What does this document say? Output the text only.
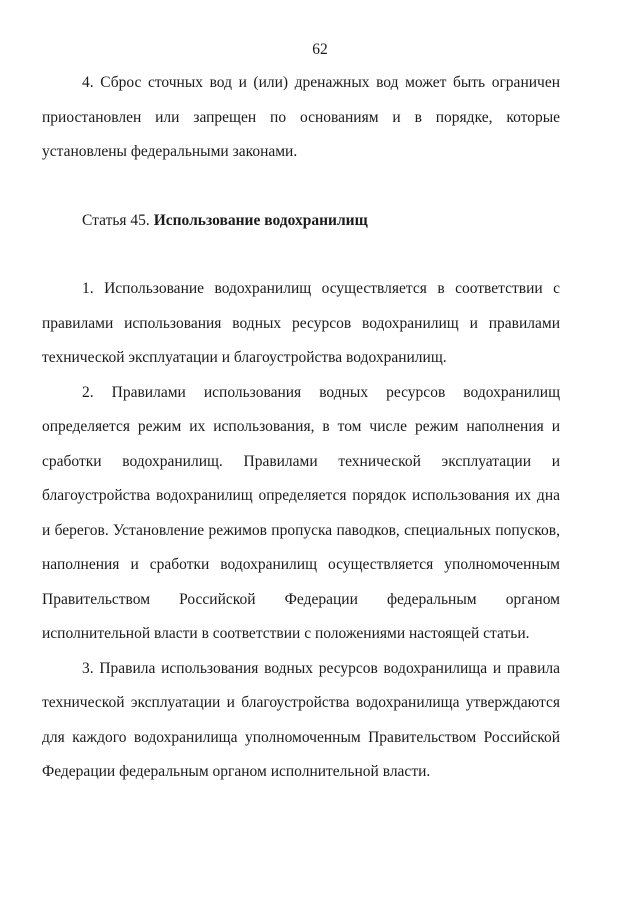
62

4. Сброс сточных вод и (или) дренажных вод может быть ограничен приостановлен или запрещен по основаниям и в порядке, которые установлены федеральными законами.

Статья 45. Использование водохранилищ

1. Использование водохранилищ осуществляется в соответствии с правилами использования водных ресурсов водохранилищ и правилами технической эксплуатации и благоустройства водохранилищ.

2. Правилами использования водных ресурсов водохранилищ определяется режим их использования, в том числе режим наполнения и сработки водохранилищ. Правилами технической эксплуатации и благоустройства водохранилищ определяется порядок использования их дна и берегов. Установление режимов пропуска паводков, специальных попусков, наполнения и сработки водохранилищ осуществляется уполномоченным Правительством Российской Федерации федеральным органом исполнительной власти в соответствии с положениями настоящей статьи.

3. Правила использования водных ресурсов водохранилища и правила технической эксплуатации и благоустройства водохранилища утверждаются для каждого водохранилища уполномоченным Правительством Российской Федерации федеральным органом исполнительной власти.
